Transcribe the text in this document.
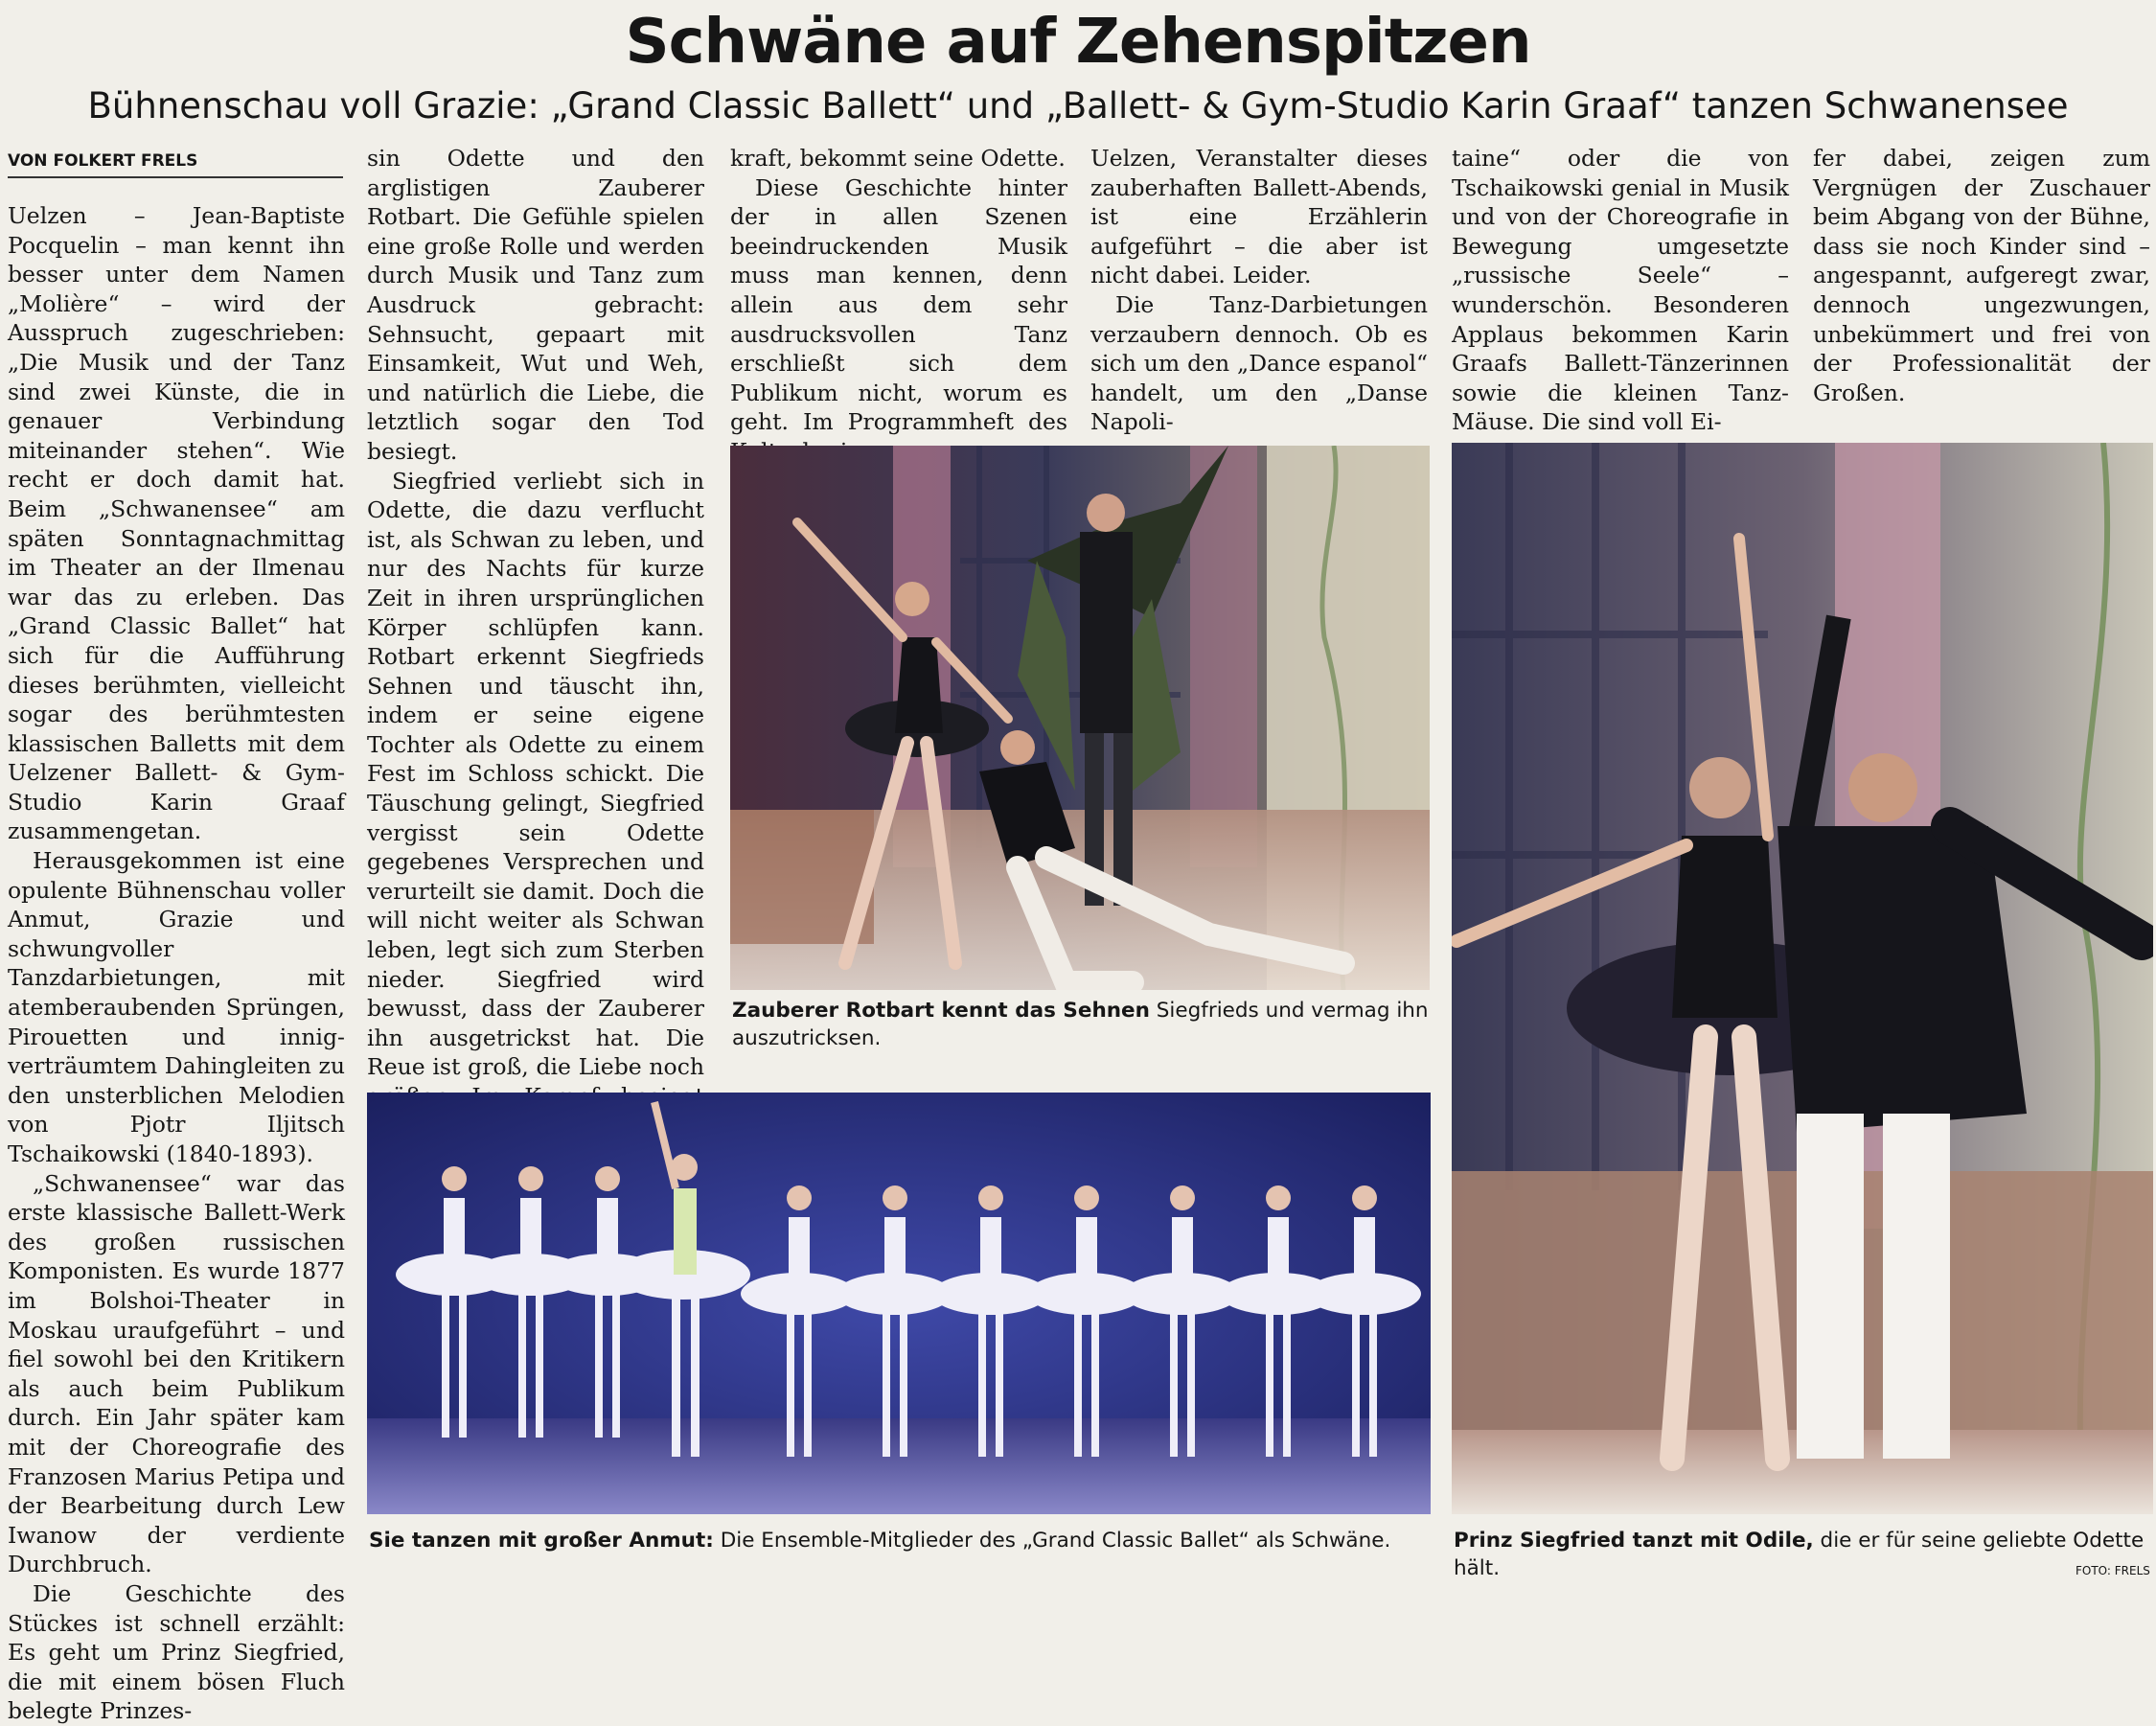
Schwäne auf Zehenspitzen
Bühnenschau voll Grazie: „Grand Classic Ballett“ und „Ballett- & Gym-Studio Karin Graaf“ tanzen Schwanensee
VON FOLKERT FRELS

Uelzen – Jean-Baptiste Pocquelin – man kennt ihn besser unter dem Namen „Molière“ – wird der Ausspruch zugeschrieben: „Die Musik und der Tanz sind zwei Künste, die in genauer Verbindung miteinander stehen“. Wie recht er doch damit hat. Beim „Schwanensee“ am späten Sonntagnachmittag im Theater an der Ilmenau war das zu erleben. Das „Grand Classic Ballet“ hat sich für die Aufführung dieses berühmten, vielleicht sogar des berühmtesten klassischen Balletts mit dem Uelzener Ballett- & Gym-Studio Karin Graaf zusammengetan.

Herausgekommen ist eine opulente Bühnenschau voller Anmut, Grazie und schwungvoller Tanzdarbietungen, mit atemberaubenden Sprüngen, Pirouetten und innig-verträumtem Dahingleiten zu den unsterblichen Melodien von Pjotr Iljitsch Tschaikowski (1840-1893).

„Schwanensee“ war das erste klassische Ballett-Werk des großen russischen Komponisten. Es wurde 1877 im Bolshoi-Theater in Moskau uraufgeführt – und fiel sowohl bei den Kritikern als auch beim Publikum durch. Ein Jahr später kam mit der Choreografie des Franzosen Marius Petipa und der Bearbeitung durch Lew Iwanow der verdiente Durchbruch.

Die Geschichte des Stückes ist schnell erzählt: Es geht um Prinz Siegfried, die mit einem bösen Fluch belegte Prinzes-

sin Odette und den arglistigen Zauberer Rotbart. Die Gefühle spielen eine große Rolle und werden durch Musik und Tanz zum Ausdruck gebracht: Sehnsucht, gepaart mit Einsamkeit, Wut und Weh, und natürlich die Liebe, die letztlich sogar den Tod besiegt.

Siegfried verliebt sich in Odette, die dazu verflucht ist, als Schwan zu leben, und nur des Nachts für kurze Zeit in ihren ursprünglichen Körper schlüpfen kann. Rotbart erkennt Siegfrieds Sehnen und täuscht ihn, indem er seine eigene Tochter als Odette zu einem Fest im Schloss schickt. Die Täuschung gelingt, Siegfried vergisst sein Odette gegebenes Versprechen und verurteilt sie damit. Doch die will nicht weiter als Schwan leben, legt sich zum Sterben nieder. Siegfried wird bewusst, dass der Zauberer ihn ausgetrickst hat. Die Reue ist groß, die Liebe noch

kraft, bekommt seine Odette.

Diese Geschichte hinter der in allen Szenen beeindruckenden Musik muss man kennen, denn allein aus dem sehr ausdrucksvollen Tanz erschließt sich dem Publikum nicht, worum es geht. Im Programmheft des

Uelzen, Veranstalter dieses zauberhaften Ballett-Abends, ist eine Erzählerin aufgeführt – die aber ist nicht dabei. Leider.

Die Tanz-Darbietungen verzaubern dennoch. Ob es sich um den „Dance espanol“ handelt, um den „Danse Napoli-

taine“ oder die von Tschaikowski genial in Musik und von der Choreografie in Bewegung umgesetzte „russische Seele“ – wunderschön. Besonderen Applaus bekommen Karin Graafs Ballett-Tänzerinnen sowie die kleinen Tanz-Mäuse. Die sind voll Ei-

fer dabei, zeigen zum Vergnügen der Zuschauer beim Abgang von der Bühne, dass sie noch Kinder sind – angespannt, aufgeregt zwar, dennoch ungezwungen, unbekümmert und frei von der Professionalität der Großen.

Zauberer Rotbart kennt das Sehnen Siegfrieds und vermag ihn auszutricksen.
Sie tanzen mit großer Anmut: Die Ensemble-Mitglieder des „Grand Classic Ballet“ als Schwäne.	Prinz Siegfried tanzt mit Odile, die er für seine geliebte Odette hält.	FOTO: FRELS
